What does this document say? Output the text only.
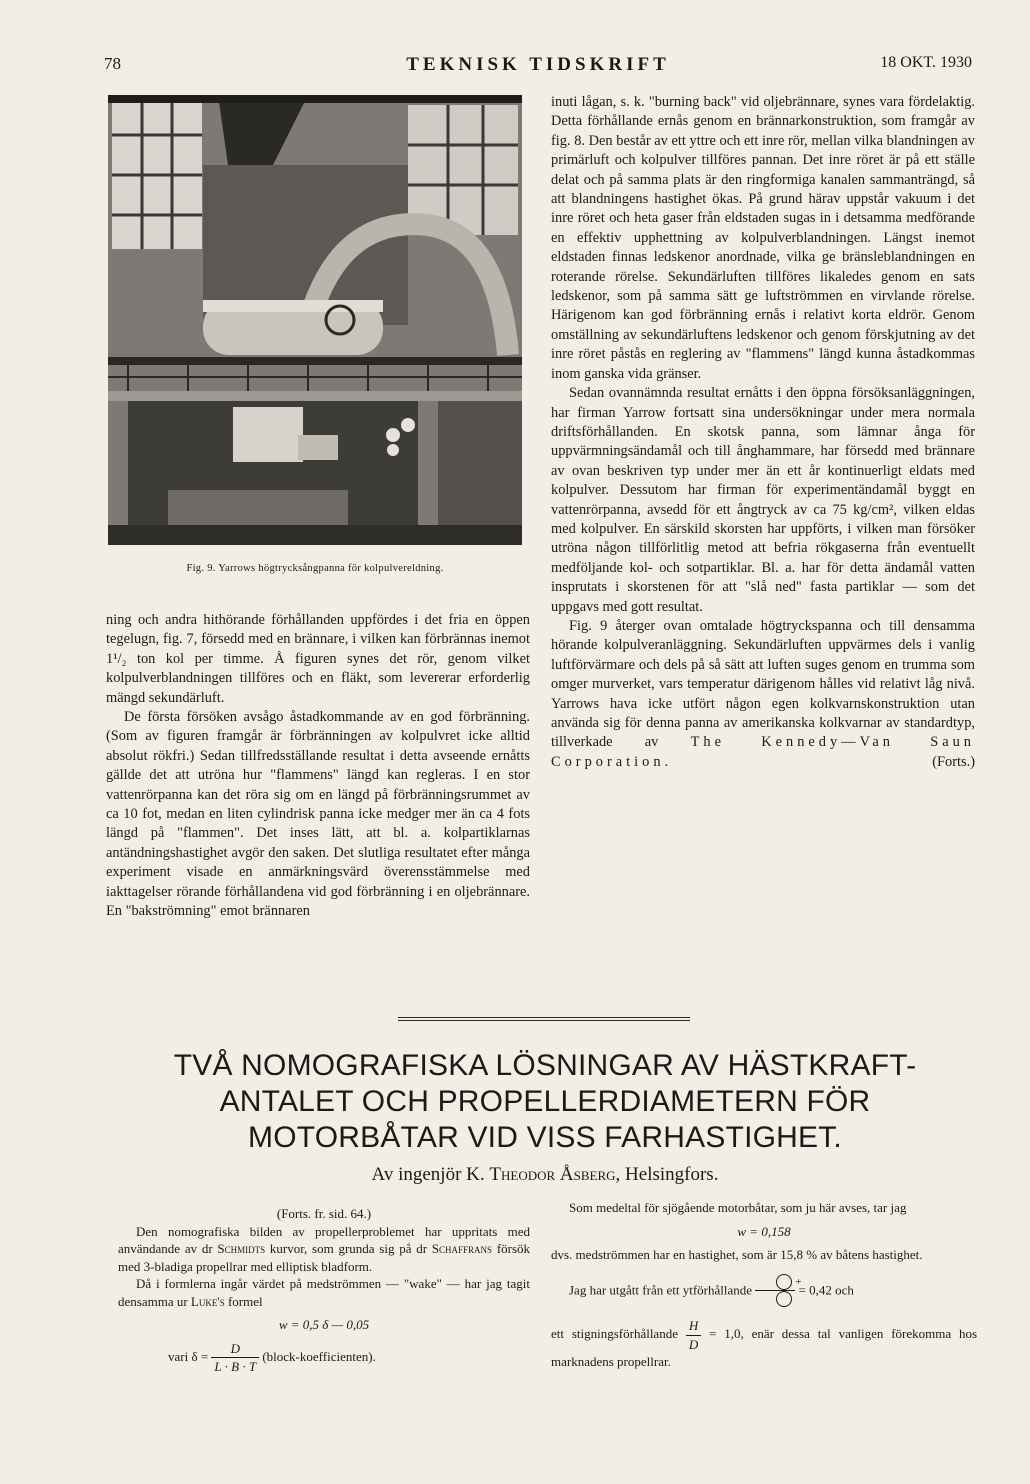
78	TEKNISK TIDSKRIFT	18 OKT. 1930
Fig. 9. Yarrows högtrycksångpanna för kolpulvereldning.

ning och andra hithörande förhållanden uppfördes i det fria en öppen tegelugn, fig. 7, försedd med en brännare, i vilken kan förbrännas inemot 1¹/₂ ton kol per timme. Å figuren synes det rör, genom vilket kolpulverblandningen tillföres och en fläkt, som levererar erforderlig mängd sekundärluft.

De första försöken avsågo åstadkommande av en god förbränning. (Som av figuren framgår är förbränningen av kolpulvret icke alltid absolut rökfri.) Sedan tillfredsställande resultat i detta avseende ernåtts gällde det att utröna hur "flammens" längd kan regleras. I en stor vattenrörpanna kan det röra sig om en längd på förbränningsrummet av ca 10 fot, medan en liten cylindrisk panna icke medger mer än ca 4 fots längd på "flammen". Det inses lätt, att bl. a. kolpartiklarnas antändningshastighet avgör den saken. Det slutliga resultatet efter många experiment visade en anmärkningsvärd överensstämmelse med iakttagelser rörande förhållandena vid god förbränning i en oljebrännare. En "bakströmning" emot brännaren

inuti lågan, s. k. "burning back" vid oljebrännare, synes vara fördelaktig. Detta förhållande ernås genom en brännarkonstruktion, som framgår av fig. 8. Den består av ett yttre och ett inre rör, mellan vilka blandningen av primärluft och kolpulver tillföres pannan. Det inre röret är på ett ställe delat och på samma plats är den ringformiga kanalen sammanträngd, så att blandningens hastighet ökas. På grund härav uppstår vakuum i det inre röret och heta gaser från eldstaden sugas in i detsamma medförande en effektiv upphettning av kolpulverblandningen. Längst inemot eldstaden finnas ledskenor anordnade, vilka ge bränsleblandningen en roterande rörelse. Sekundärluften tillföres likaledes genom en sats ledskenor, som på samma sätt ge luftströmmen en virvlande rörelse. Härigenom kan god förbränning ernås i relativt korta eldrör. Genom omställning av sekundärluftens ledskenor och genom förskjutning av det inre röret påstås en reglering av "flammens" längd kunna åstadkommas inom ganska vida gränser.

Sedan ovannämnda resultat ernåtts i den öppna försöksanläggningen, har firman Yarrow fortsatt sina undersökningar under mera normala driftsförhållanden. En skotsk panna, som lämnar ånga för uppvärmningsändamål och till ånghammare, har försedd med brännare av ovan beskriven typ under mer än ett år kontinuerligt eldats med kolpulver. Dessutom har firman för experimentändamål byggt en vattenrörpanna, avsedd för ett ångtryck av ca 75 kg/cm², vilken eldas med kolpulver. En särskild skorsten har uppförts, i vilken man försöker utröna någon tillförlitlig metod att befria rökgaserna från eventuellt medföljande kol- och sotpartiklar. Bl. a. har för detta ändamål vatten insprutats i skorstenen för att "slå ned" fasta partiklar — som det uppgavs med gott resultat.

Fig. 9 återger ovan omtalade högtryckspanna och till densamma hörande kolpulveranläggning. Sekundärluften uppvärmes dels i vanlig luftförvärmare och dels på så sätt att luften suges genom en trumma som omger murverket, vars temperatur därigenom hålles vid relativt låg nivå. Yarrows hava icke utfört någon egen kolkvarnskonstruktion utan använda sig för denna panna av amerikanska kolkvarnar av standardtyp, tillverkade av The Kennedy—Van Saun Corporation.	(Forts.)

TVÅ NOMOGRAFISKA LÖSNINGAR AV HÄSTKRAFT-
ANTALET OCH PROPELLERDIAMETERN FÖR
MOTORBÅTAR VID VISS FARHASTIGHET.
Av ingenjör K. Theodor Åsberg, Helsingfors.

(Forts. fr. sid. 64.)

Den nomografiska bilden av propellerproblemet har uppritats med användande av dr Schmidts kurvor, som grunda sig på dr Schaffrans försök med 3-bladiga propellrar med elliptisk bladform.

Då i formlerna ingår värdet på medströmmen — "wake" — har jag tagit densamma ur Luke's formel

w = 0,5 δ — 0,05
vari $\delta = \frac{D}{L \cdot B \cdot T}$ (block-koefficienten).

Som medeltal för sjögående motorbåtar, som ju här avses, tar jag

w = 0,158

dvs. medströmmen har en hastighet, som är 15,8 % av båtens hastighet.

Jag har utgått från ett ytförhållande
+
= 0,42 och

ett stigningsförhållande $\frac{H}{D} = 1,0$, enär dessa tal vanligen förekomma hos marknadens propellrar.
